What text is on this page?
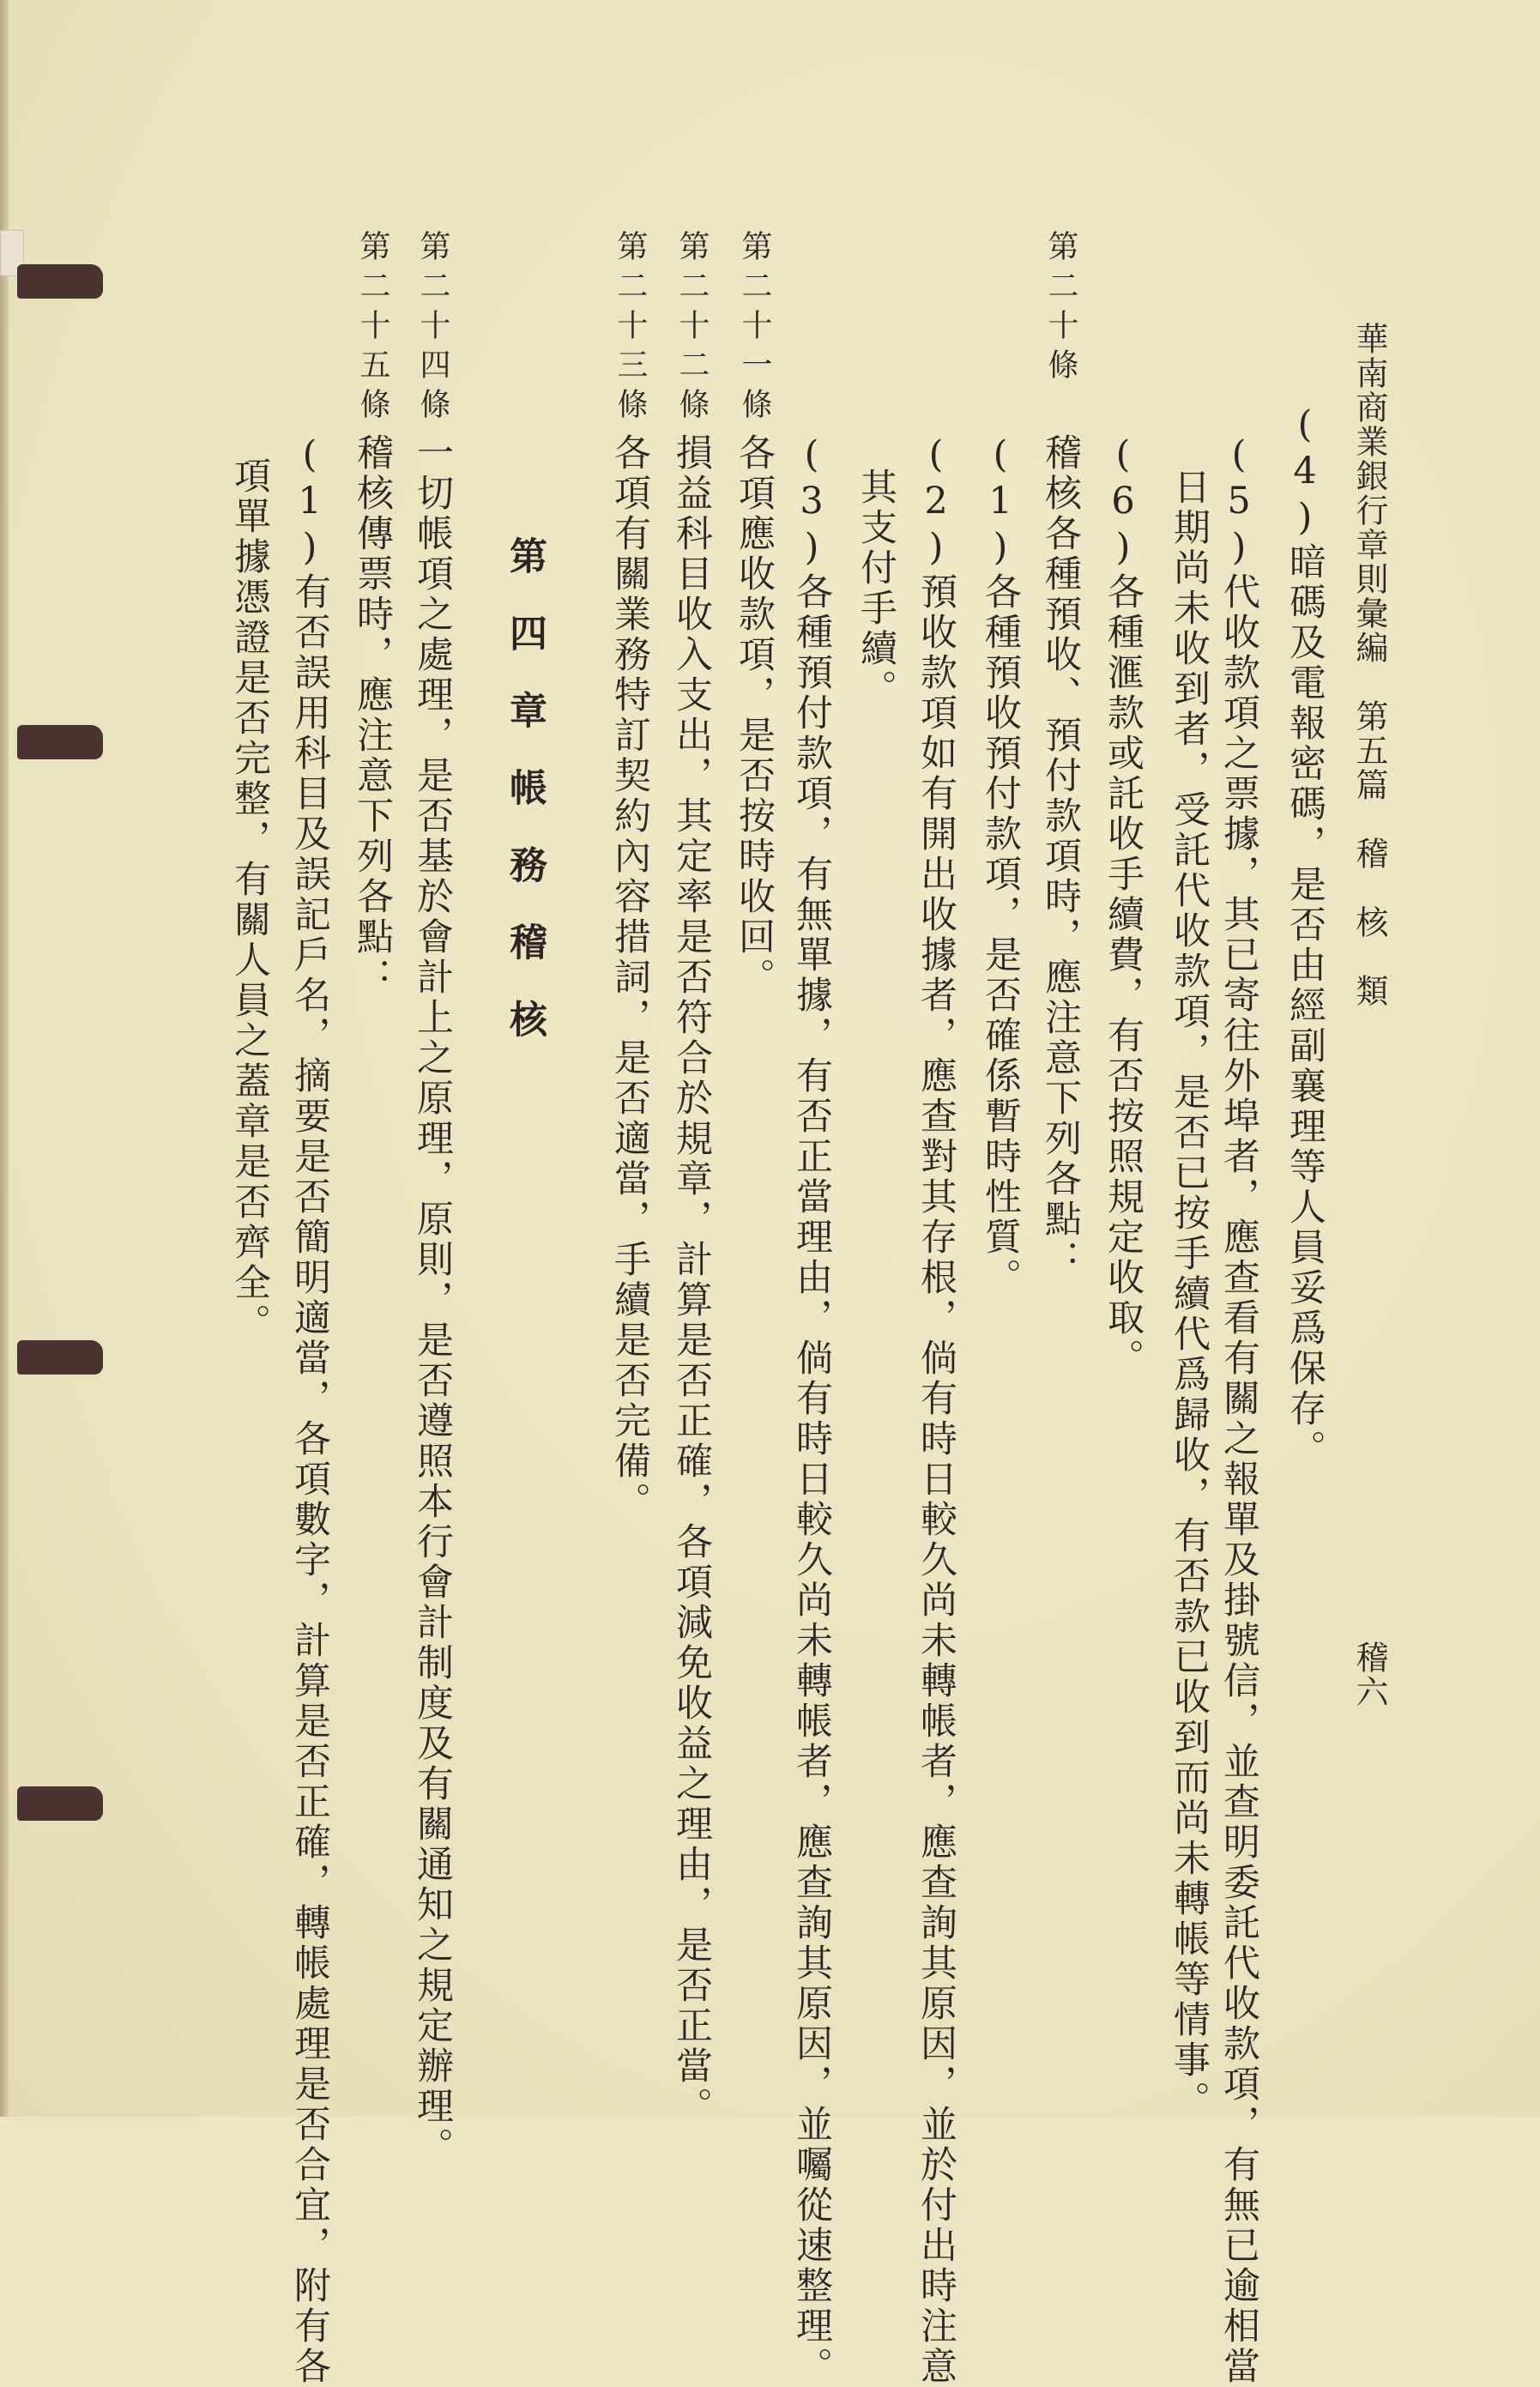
華南商業銀行章則彙編　第五篇　稽　核　類
稽六
(4)暗碼及電報密碼，是否由經副襄理等人員妥爲保存。
(5)代收款項之票據，其已寄往外埠者，應查看有關之報單及掛號信，並查明委託代收款項，有無已逾相當
日期尚未收到者，受託代收款項，是否已按手續代爲歸收，有否款已收到而尚未轉帳等情事。
(6)各種滙款或託收手續費，有否按照規定收取。
第二十條
稽核各種預收、預付款項時，應注意下列各點：
(1)各種預收預付款項，是否確係暫時性質。
(2)預收款項如有開出收據者，應查對其存根，倘有時日較久尚未轉帳者，應查詢其原因，並於付出時注意
其支付手續。
(3)各種預付款項，有無單據，有否正當理由，倘有時日較久尚未轉帳者，應查詢其原因，並囑從速整理。
第二十一條
各項應收款項，是否按時收回。
第二十二條
損益科目收入支出，其定率是否符合於規章，計算是否正確，各項減免收益之理由，是否正當。
第二十三條
各項有關業務特訂契約內容措詞，是否適當，手續是否完備。
第四章帳務稽核
第二十四條
一切帳項之處理，是否基於會計上之原理，原則，是否遵照本行會計制度及有關通知之規定辦理。
第二十五條
稽核傳票時，應注意下列各點：
(1)有否誤用科目及誤記戶名，摘要是否簡明適當，各項數字，計算是否正確，轉帳處理是否合宜，附有各
項單據憑證是否完整，有關人員之蓋章是否齊全。
